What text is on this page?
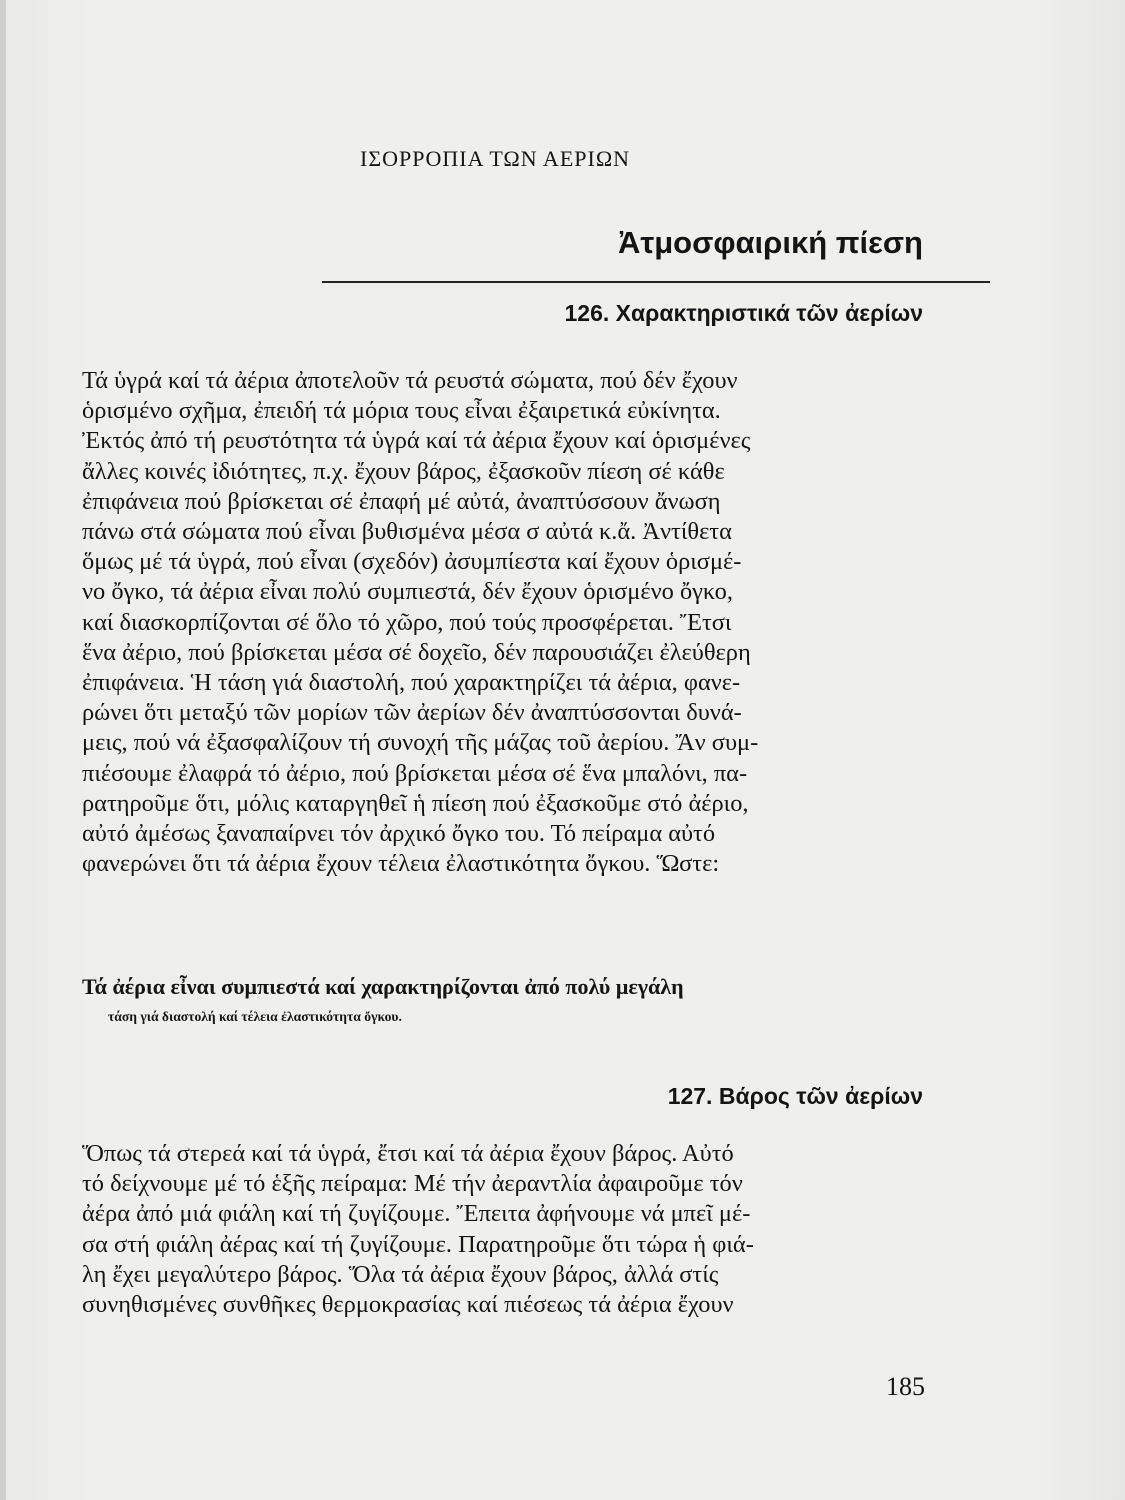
ΙΣΟΡΡΟΠΙΑ ΤΩΝ ΑΕΡΙΩΝ
Ἀτμοσφαιρική πίεση
126. Χαρακτηριστικά τῶν ἀερίων
Τά ὑγρά καί τά ἀέρια ἀποτελοῦν τά ρευστά σώματα, πού δέν ἔχουν
ὁρισμένο σχῆμα, ἐπειδή τά μόρια τους εἶναι ἐξαιρετικά εὐκίνητα.
Ἐκτός ἀπό τή ρευστότητα τά ὑγρά καί τά ἀέρια ἔχουν καί ὁρισμένες
ἄλλες κοινές ἰδιότητες, π.χ. ἔχουν βάρος, ἐξασκοῦν πίεση σέ κάθε
ἐπιφάνεια πού βρίσκεται σέ ἐπαφή μέ αὐτά, ἀναπτύσσουν ἄνωση
πάνω στά σώματα πού εἶναι βυθισμένα μέσα σ αὐτά κ.ἄ. Ἀντίθετα
ὅμως μέ τά ὑγρά, πού εἶναι (σχεδόν) ἀσυμπίεστα καί ἔχουν ὁρισμέ-
νο ὄγκο, τά ἀέρια εἶναι πολύ συμπιεστά, δέν ἔχουν ὁρισμένο ὄγκο,
καί διασκορπίζονται σέ ὅλο τό χῶρο, πού τούς προσφέρεται. Ἔτσι
ἕνα ἀέριο, πού βρίσκεται μέσα σέ δοχεῖο, δέν παρουσιάζει ἐλεύθερη
ἐπιφάνεια. Ἡ τάση γιά διαστολή, πού χαρακτηρίζει τά ἀέρια, φανε-
ρώνει ὅτι μεταξύ τῶν μορίων τῶν ἀερίων δέν ἀναπτύσσονται δυνά-
μεις, πού νά ἐξασφαλίζουν τή συνοχή τῆς μάζας τοῦ ἀερίου. Ἄν συμ-
πιέσουμε ἐλαφρά τό ἀέριο, πού βρίσκεται μέσα σέ ἕνα μπαλόνι, πα-
ρατηροῦμε ὅτι, μόλις καταργηθεῖ ἡ πίεση πού ἐξασκοῦμε στό ἀέριο,
αὐτό ἀμέσως ξαναπαίρνει τόν ἀρχικό ὄγκο του. Τό πείραμα αὐτό
φανερώνει ὅτι τά ἀέρια ἔχουν τέλεια ἐλαστικότητα ὄγκου. Ὥστε:
Τά ἀέρια εἶναι συμπιεστά καί χαρακτηρίζονται ἀπό πολύ μεγάλη
τάση γιά διαστολή καί τέλεια ἐλαστικότητα ὄγκου.
127. Βάρος τῶν ἀερίων
Ὅπως τά στερεά καί τά ὑγρά, ἔτσι καί τά ἀέρια ἔχουν βάρος. Αὐτό
τό δείχνουμε μέ τό ἑξῆς πείραμα: Μέ τήν ἀεραντλία ἀφαιροῦμε τόν
ἀέρα ἀπό μιά φιάλη καί τή ζυγίζουμε. Ἔπειτα ἀφήνουμε νά μπεῖ μέ-
σα στή φιάλη ἀέρας καί τή ζυγίζουμε. Παρατηροῦμε ὅτι τώρα ἡ φιά-
λη ἔχει μεγαλύτερο βάρος. Ὅλα τά ἀέρια ἔχουν βάρος, ἀλλά στίς
συνηθισμένες συνθῆκες θερμοκρασίας καί πιέσεως τά ἀέρια ἔχουν
185
